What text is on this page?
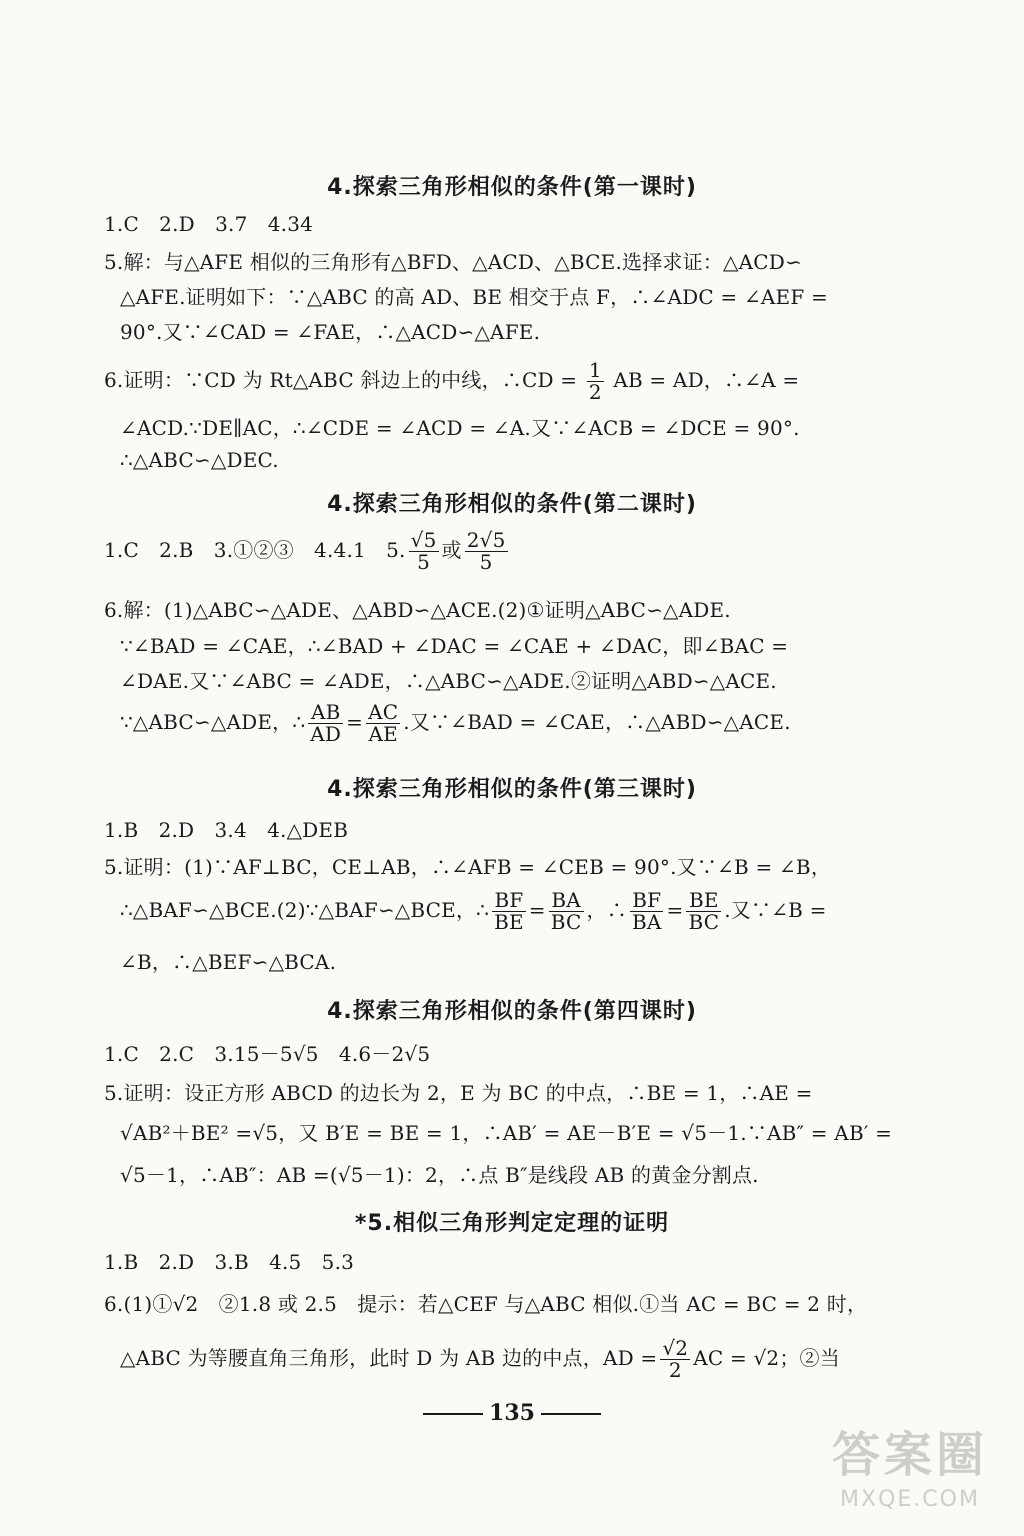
4.探索三角形相似的条件(第一课时)
1.C　2.D　3.7　4.34
5.解：与△AFE 相似的三角形有△BFD、△ACD、△BCE.选择求证：△ACD∽
△AFE.证明如下：∵△ABC 的高 AD、BE 相交于点 F，∴∠ADC = ∠AEF =
90°.又∵∠CAD = ∠FAE，∴△ACD∽△AFE.
6.证明：∵CD 为 Rt△ABC 斜边上的中线，∴CD = $\frac{1}{2}$ AB = AD，∴∠A =
∠ACD.∵DE∥AC，∴∠CDE = ∠ACD = ∠A.又∵∠ACB = ∠DCE = 90°.
∴△ABC∽△DEC.
4.探索三角形相似的条件(第二课时)
1.C　2.B　3.①②③　4.4.1　5. $\frac{√5}{5}$ 或 $\frac{2√5}{5}$
6.解：(1)△ABC∽△ADE、△ABD∽△ACE.(2)①证明△ABC∽△ADE.
∵∠BAD = ∠CAE，∴∠BAD + ∠DAC = ∠CAE + ∠DAC，即∠BAC =
∠DAE.又∵∠ABC = ∠ADE，∴△ABC∽△ADE.②证明△ABD∽△ACE.
∵△ABC∽△ADE，∴ $\frac{AB}{AD} = \frac{AC}{AE}$ .又∵∠BAD = ∠CAE，∴△ABD∽△ACE.
4.探索三角形相似的条件(第三课时)
1.B　2.D　3.4　4.△DEB
5.证明：(1)∵AF⊥BC，CE⊥AB，∴∠AFB = ∠CEB = 90°.又∵∠B = ∠B，
∴△BAF∽△BCE.(2)∵△BAF∽△BCE，∴ $\frac{BF}{BE} = \frac{BA}{BC}$ ，∴ $\frac{BF}{BA} = \frac{BE}{BC}$ .又∵∠B =
∠B，∴△BEF∽△BCA.
4.探索三角形相似的条件(第四课时)
1.C　2.C　3.15－5√5　4.6－2√5
5.证明：设正方形 ABCD 的边长为 2，E 为 BC 的中点，∴BE = 1，∴AE =
√AB²＋BE² =√5，又 B′E = BE = 1，∴AB′ = AE－B′E = √5－1.∵AB″ = AB′ =
√5－1，∴AB″：AB =(√5－1)：2，∴点 B″是线段 AB 的黄金分割点.
*5.相似三角形判定定理的证明
1.B　2.D　3.B　4.5　5.3
6.(1)①√2　②1.8 或 2.5　提示：若△CEF 与△ABC 相似.①当 AC = BC = 2 时，
△ABC 为等腰直角三角形，此时 D 为 AB 边的中点，AD = $\frac{√2}{2}$ AC = √2；②当
135
答案圈
MXQE.COM
